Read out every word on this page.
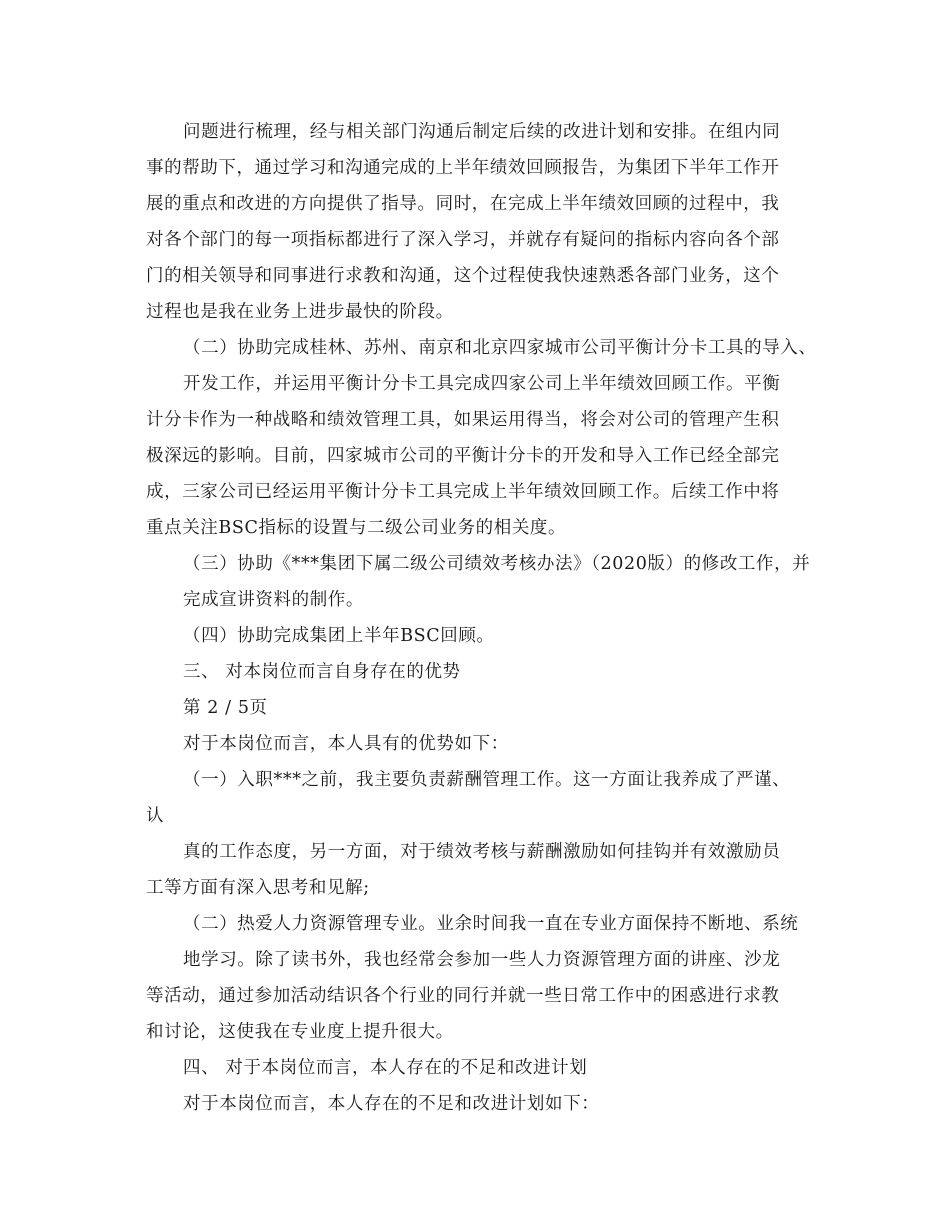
问题进行梳理，经与相关部门沟通后制定后续的改进计划和安排。在组内同
事的帮助下，通过学习和沟通完成的上半年绩效回顾报告，为集团下半年工作开
展的重点和改进的方向提供了指导。同时，在完成上半年绩效回顾的过程中，我
对各个部门的每一项指标都进行了深入学习，并就存有疑问的指标内容向各个部
门的相关领导和同事进行求教和沟通，这个过程使我快速熟悉各部门业务，这个
过程也是我在业务上进步最快的阶段。
（二）协助完成桂林、苏州、南京和北京四家城市公司平衡计分卡工具的导入、
开发工作，并运用平衡计分卡工具完成四家公司上半年绩效回顾工作。平衡
计分卡作为一种战略和绩效管理工具，如果运用得当，将会对公司的管理产生积
极深远的影响。目前，四家城市公司的平衡计分卡的开发和导入工作已经全部完
成，三家公司已经运用平衡计分卡工具完成上半年绩效回顾工作。后续工作中将
重点关注BSC指标的设置与二级公司业务的相关度。
（三）协助《***集团下属二级公司绩效考核办法》（2020版）的修改工作，并
完成宣讲资料的制作。
（四）协助完成集团上半年BSC回顾。
三、 对本岗位而言自身存在的优势
第 2 / 5页
对于本岗位而言，本人具有的优势如下：
（一）入职***之前，我主要负责薪酬管理工作。这一方面让我养成了严谨、
认
真的工作态度，另一方面，对于绩效考核与薪酬激励如何挂钩并有效激励员
工等方面有深入思考和见解;
（二）热爱人力资源管理专业。业余时间我一直在专业方面保持不断地、系统
地学习。除了读书外，我也经常会参加一些人力资源管理方面的讲座、沙龙
等活动，通过参加活动结识各个行业的同行并就一些日常工作中的困惑进行求教
和讨论，这使我在专业度上提升很大。
四、 对于本岗位而言，本人存在的不足和改进计划
对于本岗位而言，本人存在的不足和改进计划如下：
